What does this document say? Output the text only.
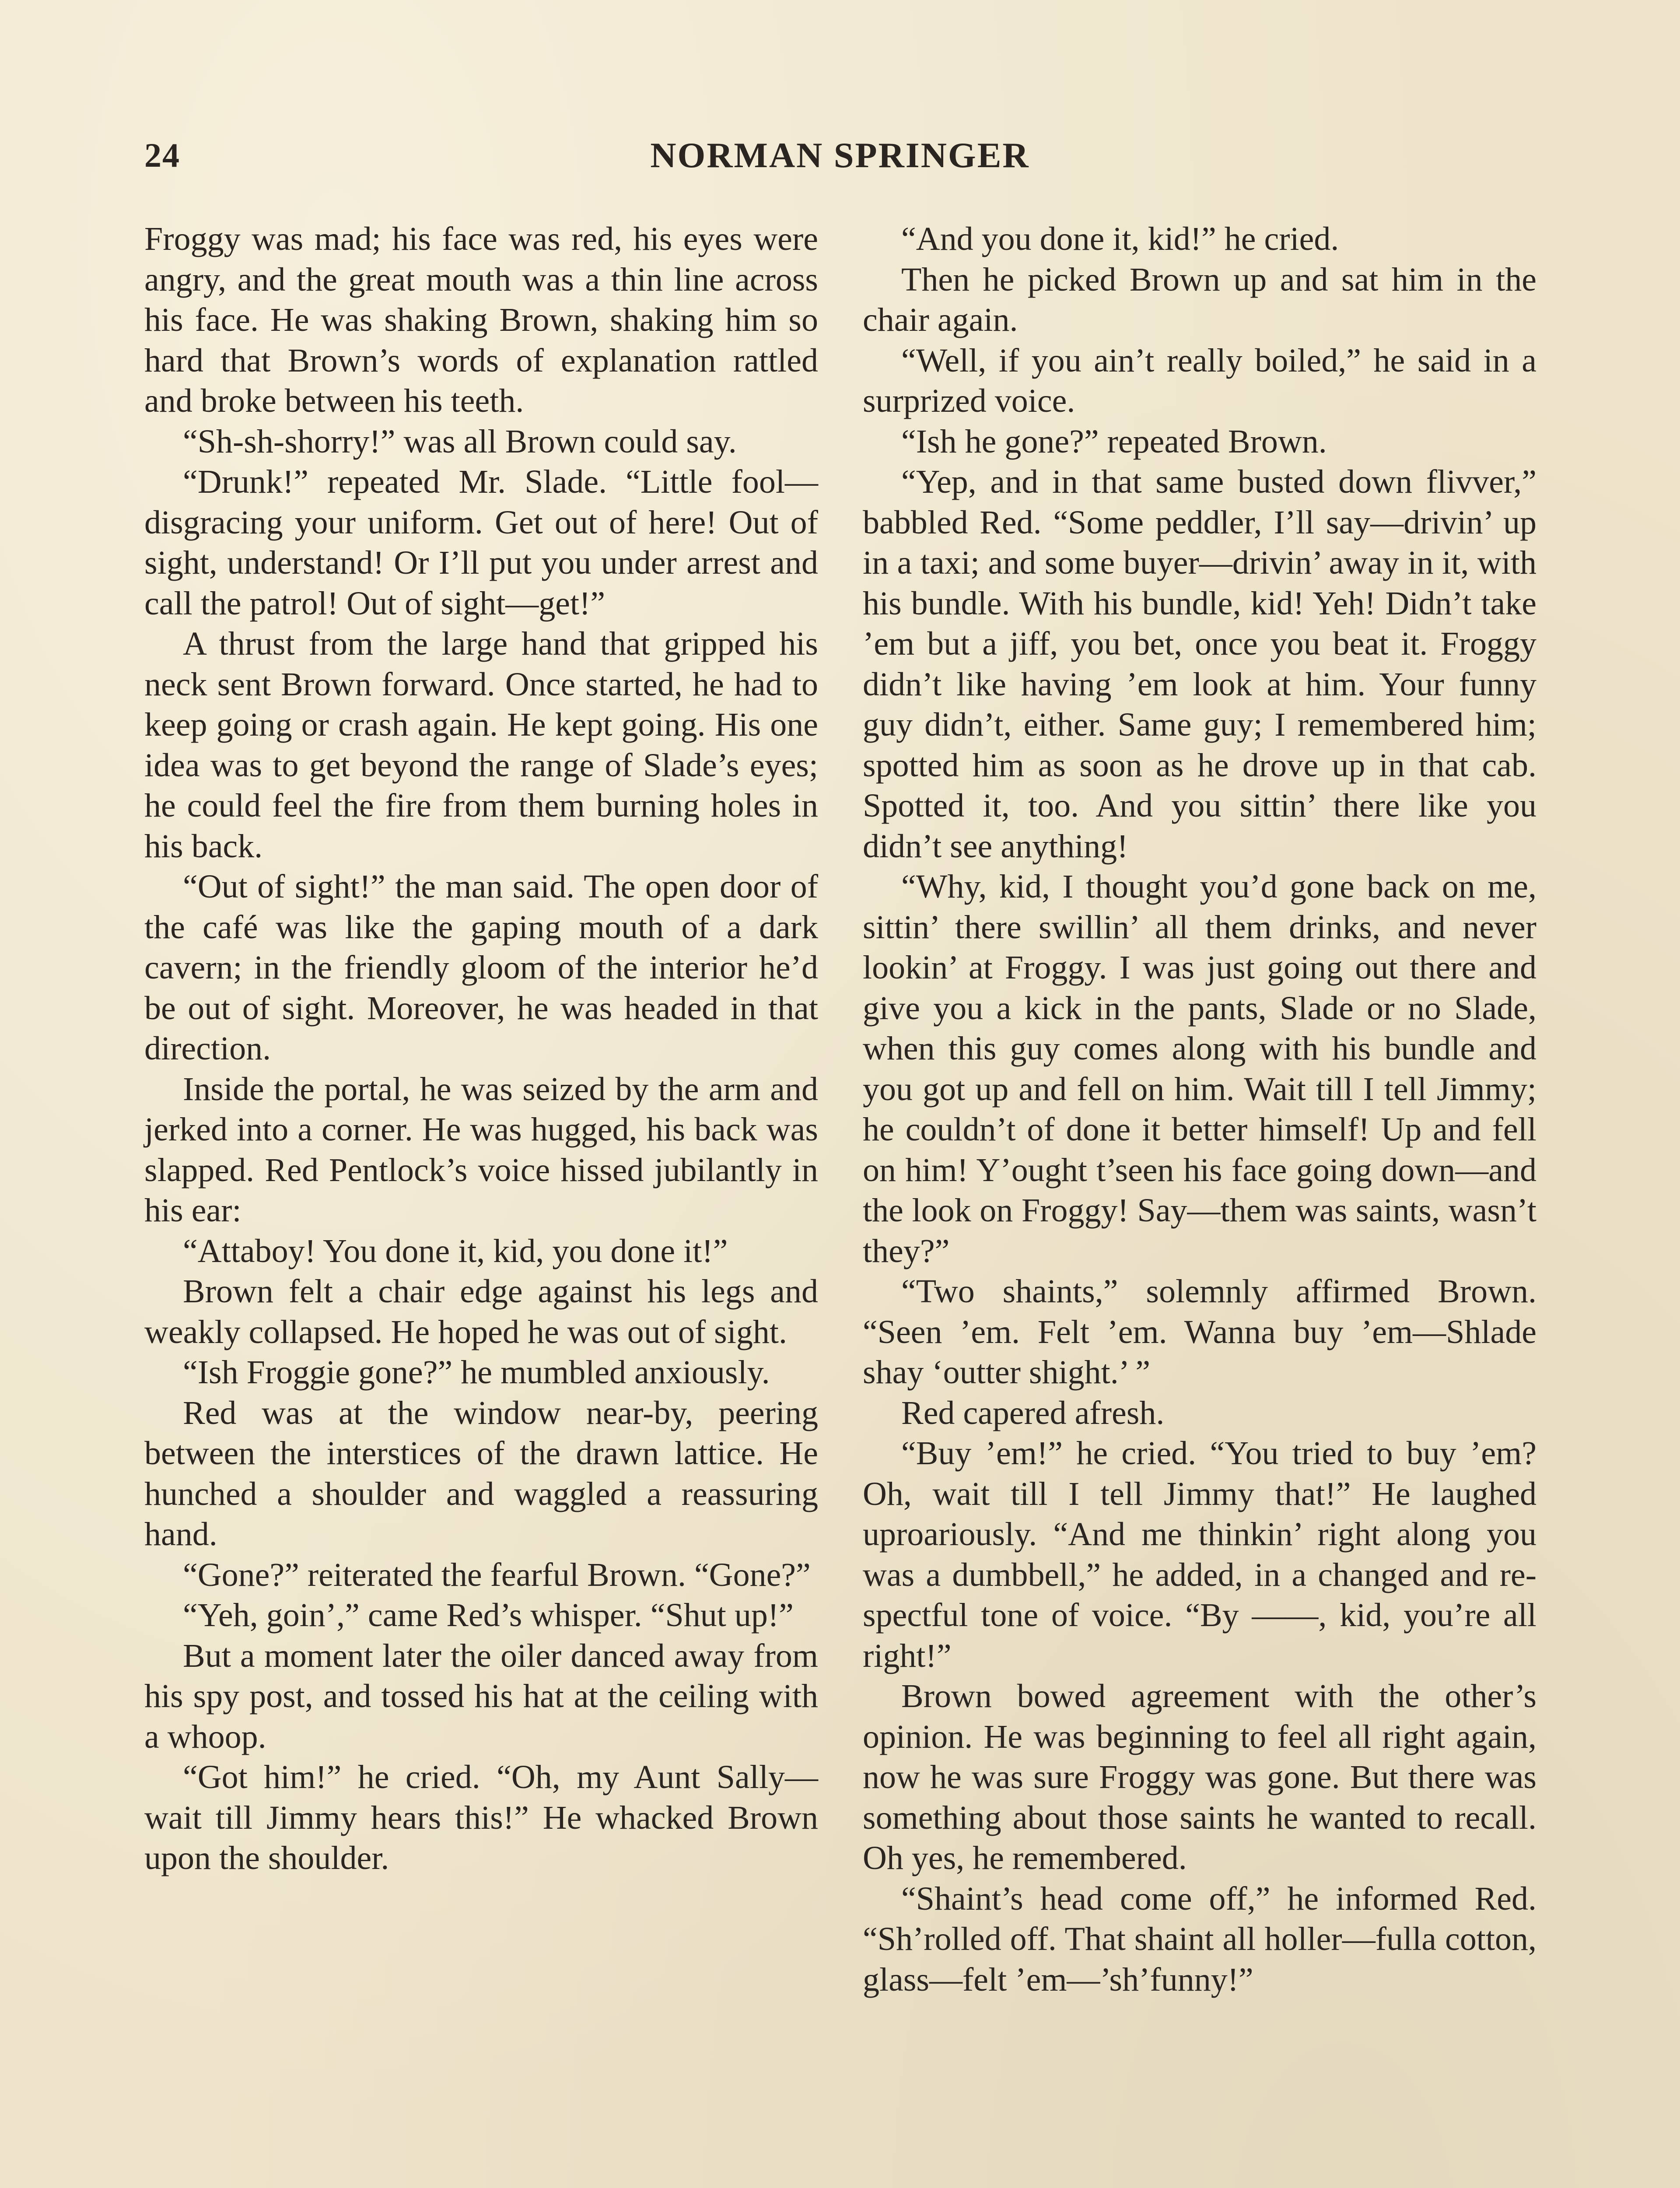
24	NORMAN SPRINGER

Froggy was mad; his face was red, his eyes were angry, and the great mouth was a thin line across his face. He was shaking Brown, shaking him so hard that Brown’s words of explanation rattled and broke between his teeth.

“Sh-sh-shorry!” was all Brown could say.

“Drunk!” repeated Mr. Slade. “Little fool—disgracing your uniform. Get out of here! Out of sight, understand! Or I’ll put you under arrest and call the patrol! Out of sight—get!”

A thrust from the large hand that gripped his neck sent Brown forward. Once started, he had to keep going or crash again. He kept going. His one idea was to get beyond the range of Slade’s eyes; he could feel the fire from them burning holes in his back.

“Out of sight!” the man said. The open door of the café was like the gaping mouth of a dark cavern; in the friendly gloom of the interior he’d be out of sight. Moreover, he was headed in that direction.

Inside the portal, he was seized by the arm and jerked into a corner. He was hugged, his back was slapped. Red Pentlock’s voice hissed jubilantly in his ear:

“Attaboy! You done it, kid, you done it!”

Brown felt a chair edge against his legs and weakly collapsed. He hoped he was out of sight.

“Ish Froggie gone?” he mumbled anxiously.

Red was at the window near-by, peering between the interstices of the drawn lattice. He hunched a shoulder and waggled a reassuring hand.

“Gone?” reiterated the fearful Brown. “Gone?”

“Yeh, goin’,” came Red’s whisper. “Shut up!”

But a moment later the oiler danced away from his spy post, and tossed his hat at the ceiling with a whoop.

“Got him!” he cried. “Oh, my Aunt Sally—wait till Jimmy hears this!” He whacked Brown upon the shoulder.

“And you done it, kid!” he cried.

Then he picked Brown up and sat him in the chair again.

“Well, if you ain’t really boiled,” he said in a surprized voice.

“Ish he gone?” repeated Brown.

“Yep, and in that same busted down flivver,” babbled Red. “Some peddler, I’ll say—drivin’ up in a taxi; and some buyer—drivin’ away in it, with his bundle. With his bundle, kid! Yeh! Didn’t take ’em but a jiff, you bet, once you beat it. Froggy didn’t like having ’em look at him. Your funny guy didn’t, either. Same guy; I remembered him; spotted him as soon as he drove up in that cab. Spotted it, too. And you sittin’ there like you didn’t see anything!

“Why, kid, I thought you’d gone back on me, sittin’ there swillin’ all them drinks, and never lookin’ at Froggy. I was just going out there and give you a kick in the pants, Slade or no Slade, when this guy comes along with his bundle and you got up and fell on him. Wait till I tell Jimmy; he couldn’t of done it better himself! Up and fell on him! Y’ought t’seen his face going down—and the look on Froggy! Say—them was saints, wasn’t they?”

“Two shaints,” solemnly affirmed Brown. “Seen ’em. Felt ’em. Wanna buy ’em—Shlade shay ‘outter shight.’ ”

Red capered afresh.

“Buy ’em!” he cried. “You tried to buy ’em? Oh, wait till I tell Jimmy that!” He laughed uproariously. “And me thinkin’ right along you was a dumbbell,” he added, in a changed and respectful tone of voice. “By ——, kid, you’re all right!”

Brown bowed agreement with the other’s opinion. He was beginning to feel all right again, now he was sure Froggy was gone. But there was something about those saints he wanted to recall. Oh yes, he remembered.

“Shaint’s head come off,” he informed Red. “Sh’rolled off. That shaint all holler—fulla cotton, glass—felt ’em—’sh’funny!”
